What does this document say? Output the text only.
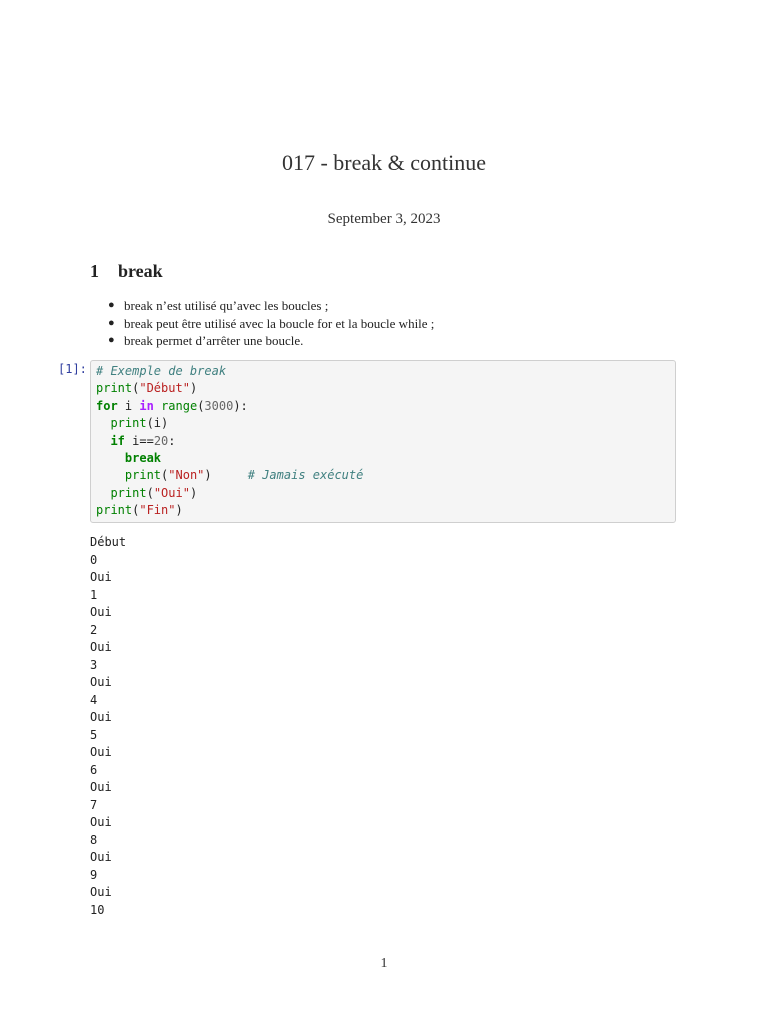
017 - break & continue
September 3, 2023
1 break
● break n’est utilisé qu’avec les boucles ;
● break peut être utilisé avec la boucle for et la boucle while ;
● break permet d’arrêter une boucle.
[1]: # Exemple de break
print("Début")
for i in range(3000):
print(i)
if i==20:
break
print("Non")     # Jamais exécuté
print("Oui")
print("Fin")
Début
0
Oui
1
Oui
2
Oui
3
Oui
4
Oui
5
Oui
6
Oui
7
Oui
8
Oui
9
Oui
10
1
